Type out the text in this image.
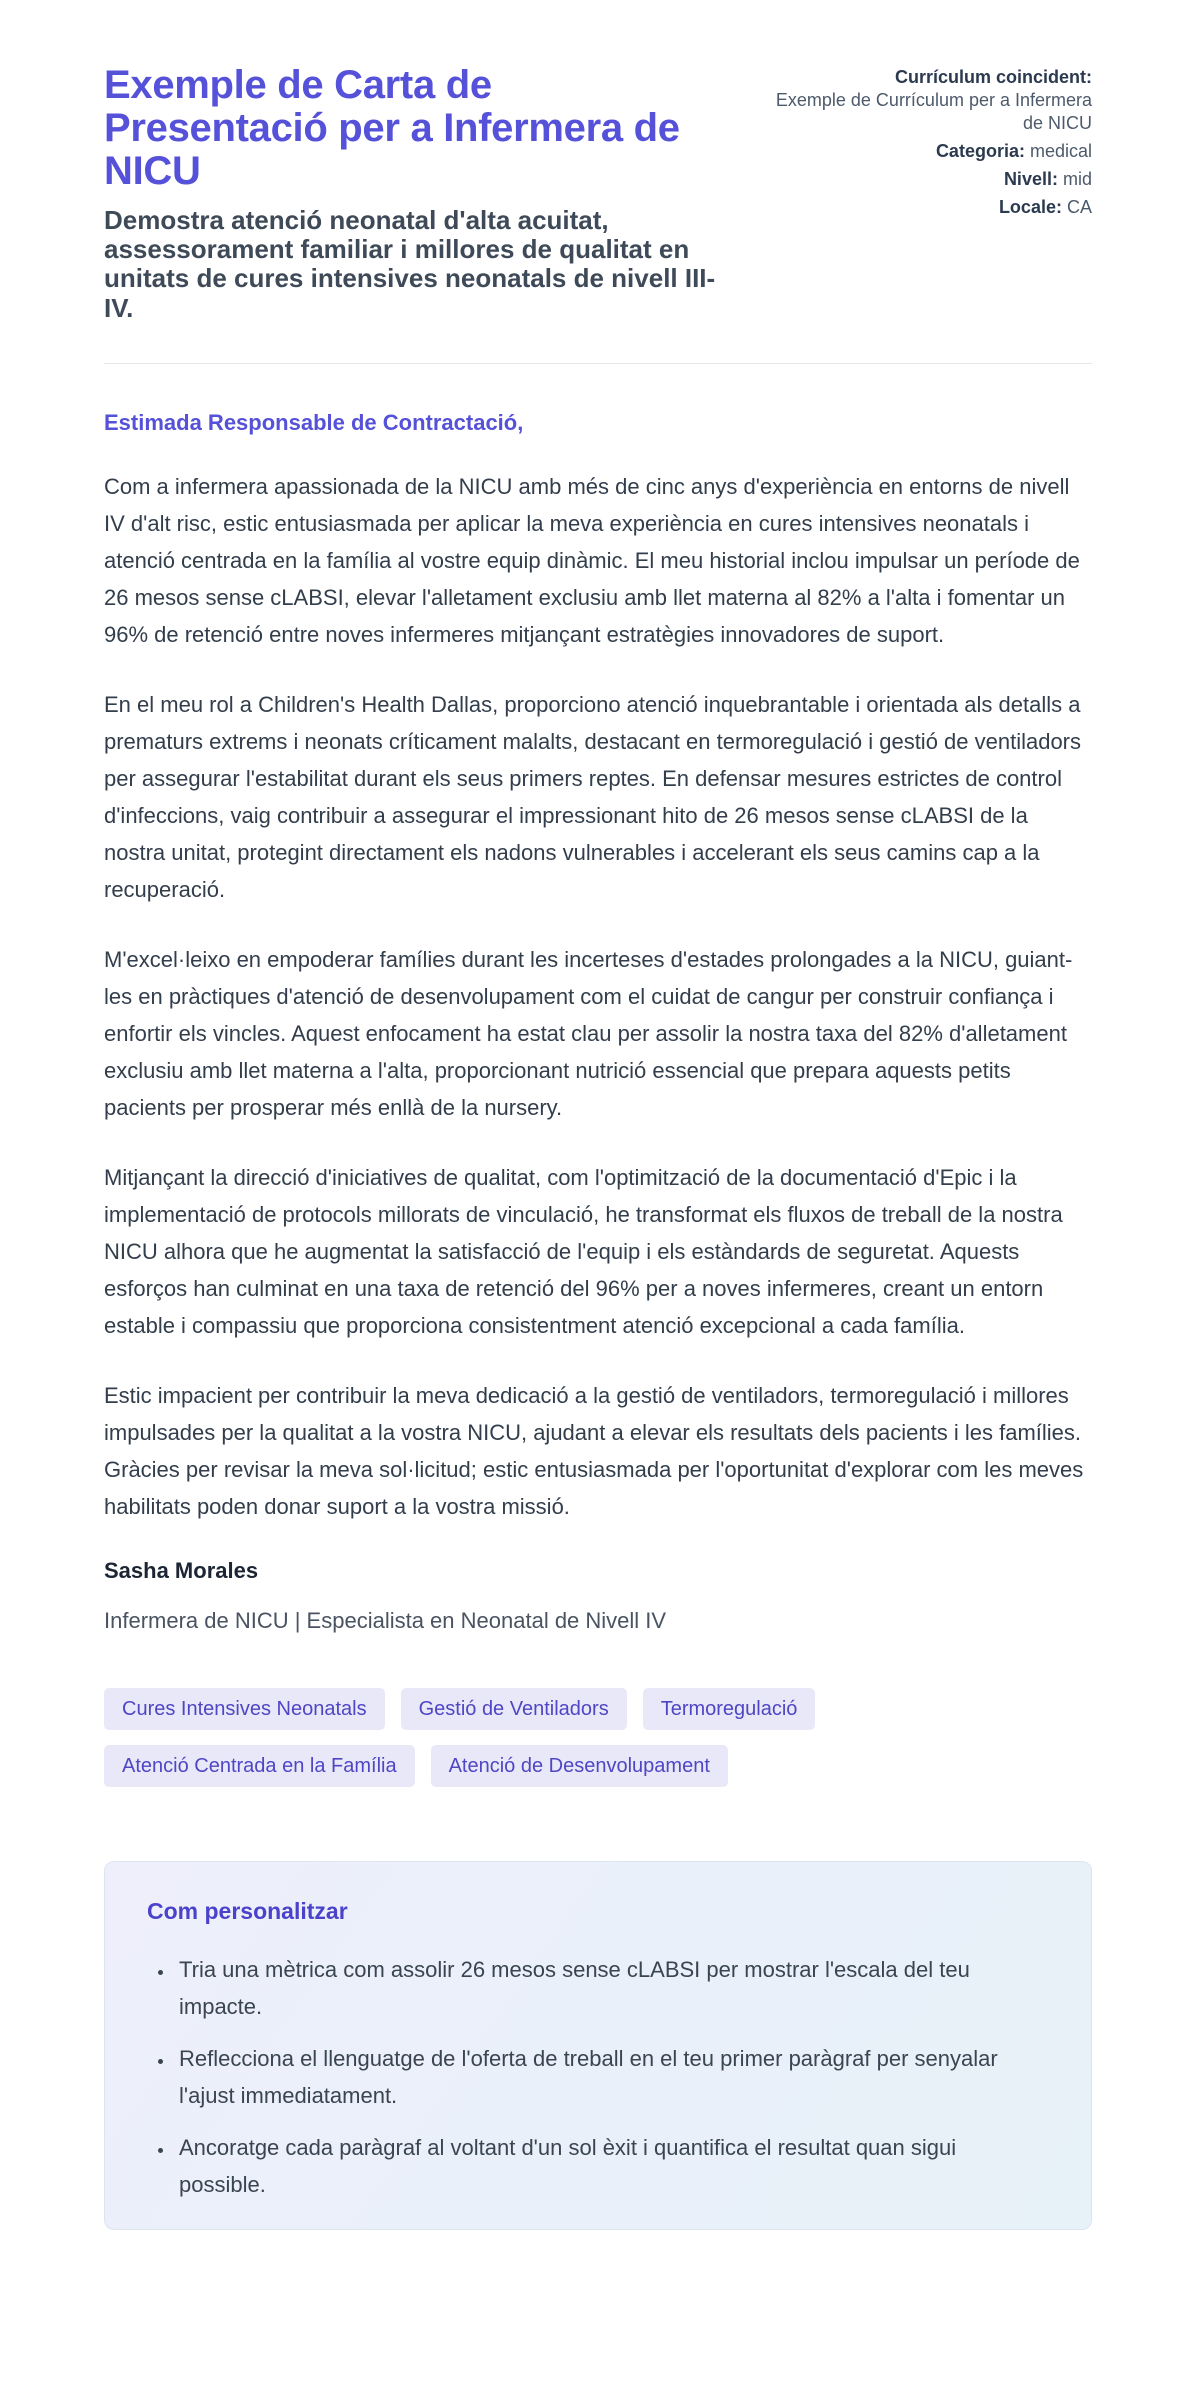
Exemple de Carta de Presentació per a Infermera de NICU
Demostra atenció neonatal d'alta acuitat, assessorament familiar i millores de qualitat en unitats de cures intensives neonatals de nivell III-IV.
Currículum coincident:
Exemple de Currículum per a Infermera de NICU
Categoria: medical
Nivell: mid
Locale: CA

Estimada Responsable de Contractació,

Com a infermera apassionada de la NICU amb més de cinc anys d'experiència en entorns de nivell IV d'alt risc, estic entusiasmada per aplicar la meva experiència en cures intensives neonatals i atenció centrada en la família al vostre equip dinàmic. El meu historial inclou impulsar un període de 26 mesos sense cLABSI, elevar l'alletament exclusiu amb llet materna al 82% a l'alta i fomentar un 96% de retenció entre noves infermeres mitjançant estratègies innovadores de suport.

En el meu rol a Children's Health Dallas, proporciono atenció inquebrantable i orientada als detalls a prematurs extrems i neonats críticament malalts, destacant en termoregulació i gestió de ventiladors per assegurar l'estabilitat durant els seus primers reptes. En defensar mesures estrictes de control d'infeccions, vaig contribuir a assegurar el impressionant hito de 26 mesos sense cLABSI de la nostra unitat, protegint directament els nadons vulnerables i accelerant els seus camins cap a la recuperació.

M'excel·leixo en empoderar famílies durant les incerteses d'estades prolongades a la NICU, guiant-les en pràctiques d'atenció de desenvolupament com el cuidat de cangur per construir confiança i enfortir els vincles. Aquest enfocament ha estat clau per assolir la nostra taxa del 82% d'alletament exclusiu amb llet materna a l'alta, proporcionant nutrició essencial que prepara aquests petits pacients per prosperar més enllà de la nursery.

Mitjançant la direcció d'iniciatives de qualitat, com l'optimització de la documentació d'Epic i la implementació de protocols millorats de vinculació, he transformat els fluxos de treball de la nostra NICU alhora que he augmentat la satisfacció de l'equip i els estàndards de seguretat. Aquests esforços han culminat en una taxa de retenció del 96% per a noves infermeres, creant un entorn estable i compassiu que proporciona consistentment atenció excepcional a cada família.

Estic impacient per contribuir la meva dedicació a la gestió de ventiladors, termoregulació i millores impulsades per la qualitat a la vostra NICU, ajudant a elevar els resultats dels pacients i les famílies. Gràcies per revisar la meva sol·licitud; estic entusiasmada per l'oportunitat d'explorar com les meves habilitats poden donar suport a la vostra missió.

Sasha Morales

Infermera de NICU | Especialista en Neonatal de Nivell IV

Cures Intensives Neonatals	Gestió de Ventiladors	Termoregulació
Atenció Centrada en la Família	Atenció de Desenvolupament
Com personalitzar
• Tria una mètrica com assolir 26 mesos sense cLABSI per mostrar l'escala del teu impacte.
• Reflecciona el llenguatge de l'oferta de treball en el teu primer paràgraf per senyalar l'ajust immediatament.
• Ancoratge cada paràgraf al voltant d'un sol èxit i quantifica el resultat quan sigui possible.
